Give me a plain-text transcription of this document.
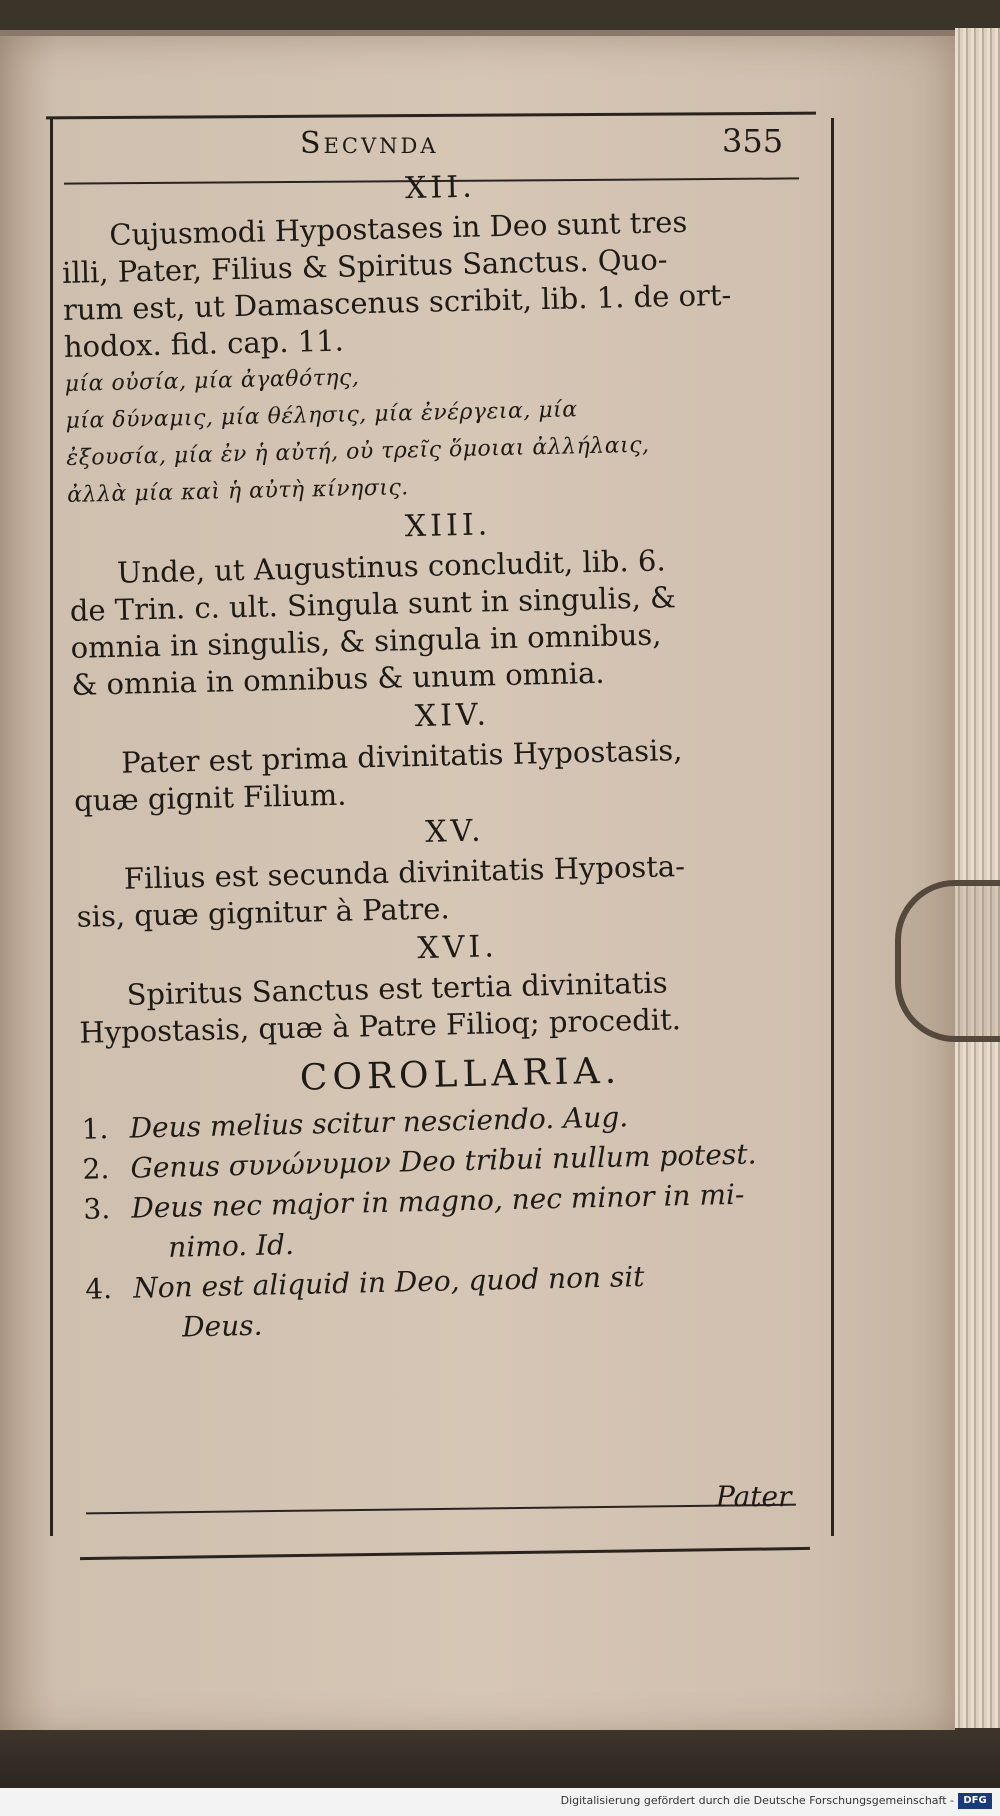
Secvnda	355
XII.

Cujusmodi Hypostases in Deo sunt tres
illi, Pater, Filius & Spiritus Sanctus. Quo-
rum est, ut Damascenus scribit, lib. 1. de ort-
hodox. fid. cap. 11.
μία οὐσία, μία ἀγαθότης,
μία δύναμις, μία θέλησις, μία ἐνέργεια, μία
ἐξουσία, μία ἐν ἡ αὐτή, οὐ τρεῖς ὅμοιαι ἀλλήλαις,
ἀλλὰ μία καὶ ἡ αὐτὴ κίνησις.

XIII.

Unde, ut Augustinus concludit, lib. 6.
de Trin. c. ult. Singula sunt in singulis, &
omnia in singulis, & singula in omnibus,
& omnia in omnibus & unum omnia.

XIV.

Pater est prima divinitatis Hypostasis,
quæ gignit Filium.

XV.

Filius est secunda divinitatis Hyposta-
sis, quæ gignitur à Patre.

XVI.

Spiritus Sanctus est tertia divinitatis
Hypostasis, quæ à Patre Filioq; procedit.

COROLLARIA.
1. Deus melius scitur nesciendo. Aug.
2. Genus συνώνυμον Deo tribui nullum potest.
3. Deus nec major in magno, nec minor in mi-
nimo. Id.
4. Non est aliquid in Deo, quod non sit
Deus.
Pater
Digitalisierung gefördert durch die Deutsche Forschungsgemeinschaft - DFG
